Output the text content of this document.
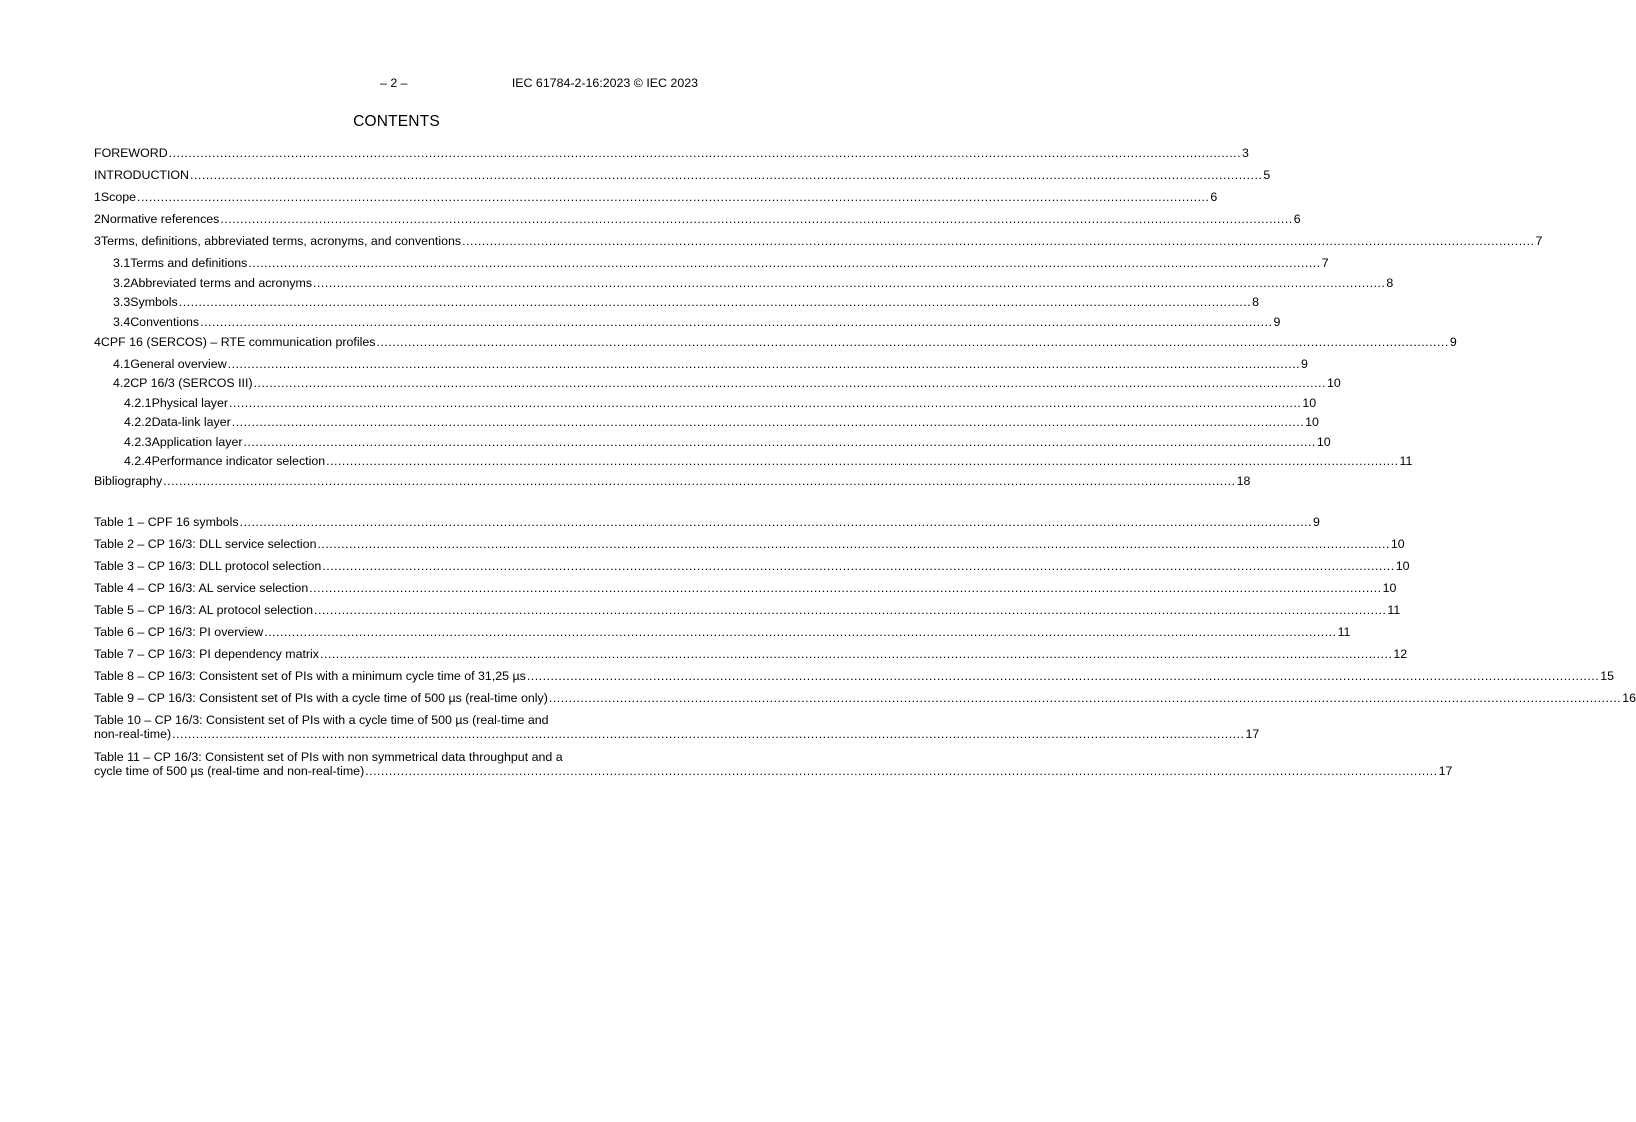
– 2 –	IEC 61784-2-16:2023 © IEC 2023
CONTENTS
FOREWORD .....	3
INTRODUCTION .....	5
1 Scope .....	6
2 Normative references .....	6
3 Terms, definitions, abbreviated terms, acronyms, and conventions .....	7
3.1 Terms and definitions .....	7
3.2 Abbreviated terms and acronyms .....	8
3.3 Symbols .....	8
3.4 Conventions .....	9
4 CPF 16 (SERCOS) – RTE communication profiles .....	9
4.1 General overview .....	9
4.2 CP 16/3 (SERCOS III) .....	10
4.2.1 Physical layer .....	10
4.2.2 Data-link layer .....	10
4.2.3 Application layer .....	10
4.2.4 Performance indicator selection .....	11
Bibliography .....	18
Table 1 – CPF 16 symbols .....	9
Table 2 – CP 16/3: DLL service selection .....	10
Table 3 – CP 16/3: DLL protocol selection .....	10
Table 4 – CP 16/3: AL service selection .....	10
Table 5 – CP 16/3: AL protocol selection .....	11
Table 6 – CP 16/3: PI overview .....	11
Table 7 – CP 16/3: PI dependency matrix .....	12
Table 8 – CP 16/3: Consistent set of PIs with a minimum cycle time of 31,25 µs .....	15
Table 9 – CP 16/3: Consistent set of PIs with a cycle time of 500 µs (real-time only) .....	16
Table 10 – CP 16/3: Consistent set of PIs with a cycle time of 500 µs (real-time and
non-real-time) .....	17
Table 11 – CP 16/3: Consistent set of PIs with non symmetrical data throughput and a
cycle time of 500 µs (real-time and non-real-time) .....	17
